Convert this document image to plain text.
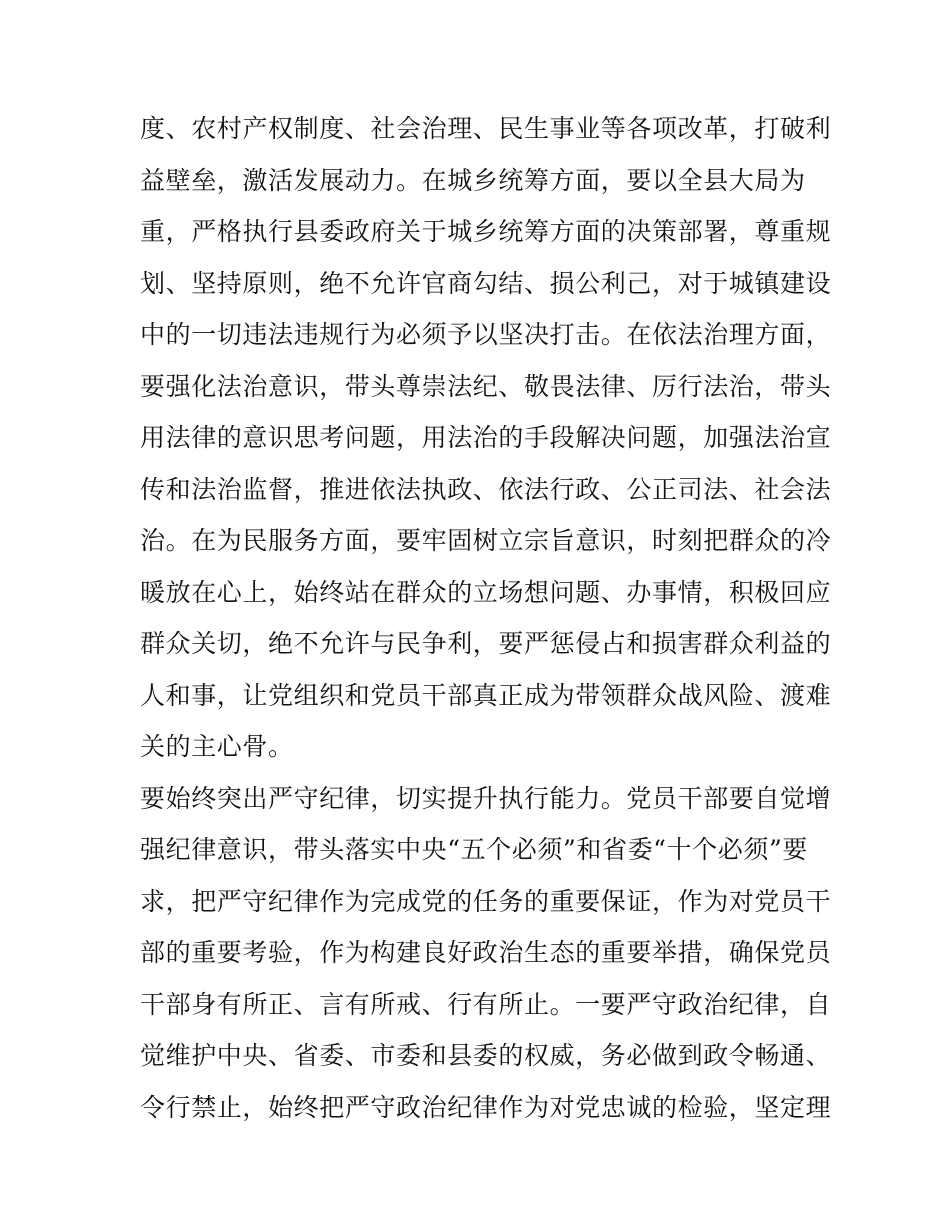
度、农村产权制度、社会治理、民生事业等各项改革，打破利
益壁垒，激活发展动力。在城乡统筹方面，要以全县大局为
重，严格执行县委政府关于城乡统筹方面的决策部署，尊重规
划、坚持原则，绝不允许官商勾结、损公利己，对于城镇建设
中的一切违法违规行为必须予以坚决打击。在依法治理方面，
要强化法治意识，带头尊崇法纪、敬畏法律、厉行法治，带头
用法律的意识思考问题，用法治的手段解决问题，加强法治宣
传和法治监督，推进依法执政、依法行政、公正司法、社会法
治。在为民服务方面，要牢固树立宗旨意识，时刻把群众的冷
暖放在心上，始终站在群众的立场想问题、办事情，积极回应
群众关切，绝不允许与民争利，要严惩侵占和损害群众利益的
人和事，让党组织和党员干部真正成为带领群众战风险、渡难
关的主心骨。
要始终突出严守纪律，切实提升执行能力。党员干部要自觉增
强纪律意识，带头落实中央“五个必须”和省委“十个必须”要
求，把严守纪律作为完成党的任务的重要保证，作为对党员干
部的重要考验，作为构建良好政治生态的重要举措，确保党员
干部身有所正、言有所戒、行有所止。一要严守政治纪律，自
觉维护中央、省委、市委和县委的权威，务必做到政令畅通、
令行禁止，始终把严守政治纪律作为对党忠诚的检验，坚定理
